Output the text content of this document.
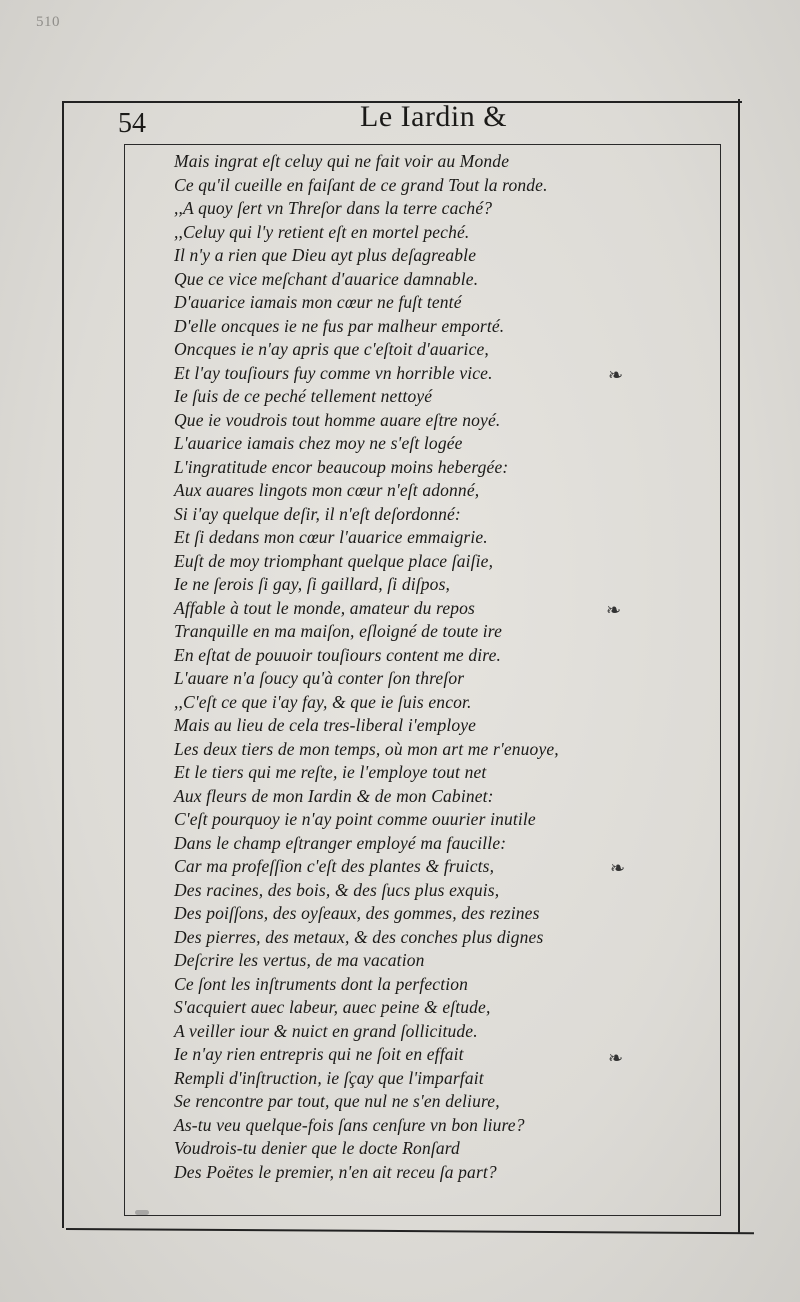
510
54	Le Iardin &
Mais ingrat eſt celuy qui ne fait voir au Monde
Ce qu'il cueille en faiſant de ce grand Tout la ronde.
,,A quoy ſert vn Threſor dans la terre caché?
,,Celuy qui l'y retient eſt en mortel peché.
Il n'y a rien que Dieu ayt plus deſagreable
Que ce vice meſchant d'auarice damnable.
D'auarice iamais mon cœur ne fuſt tenté
D'elle oncques ie ne fus par malheur emporté.
Oncques ie n'ay apris que c'eſtoit d'auarice,
Et l'ay touſiours fuy comme vn horrible vice.
Ie ſuis de ce peché tellement nettoyé
Que ie voudrois tout homme auare eſtre noyé.
L'auarice iamais chez moy ne s'eſt logée
L'ingratitude encor beaucoup moins hebergée:
Aux auares lingots mon cœur n'eſt adonné,
Si i'ay quelque deſir, il n'eſt deſordonné:
Et ſi dedans mon cœur l'auarice emmaigrie.
Euſt de moy triomphant quelque place ſaiſie,
Ie ne ſerois ſi gay, ſi gaillard, ſi diſpos,
Affable à tout le monde, amateur du repos
Tranquille en ma maiſon, eſloigné de toute ire
En eſtat de pouuoir touſiours content me dire.
L'auare n'a ſoucy qu'à conter ſon threſor
,,C'eſt ce que i'ay fay, & que ie ſuis encor.
Mais au lieu de cela tres-liberal i'employe
Les deux tiers de mon temps, où mon art me r'enuoye,
Et le tiers qui me reſte, ie l'employe tout net
Aux fleurs de mon Iardin & de mon Cabinet:
C'eſt pourquoy ie n'ay point comme ouurier inutile
Dans le champ eſtranger employé ma faucille:
Car ma profeſſion c'eſt des plantes & fruicts,
Des racines, des bois, & des ſucs plus exquis,
Des poiſſons, des oyſeaux, des gommes, des rezines
Des pierres, des metaux, & des conches plus dignes
Deſcrire les vertus, de ma vacation
Ce ſont les inſtruments dont la perfection
S'acquiert auec labeur, auec peine & eſtude,
A veiller iour & nuict en grand ſollicitude.
Ie n'ay rien entrepris qui ne ſoit en effait
Rempli d'inſtruction, ie ſçay que l'imparfait
Se rencontre par tout, que nul ne s'en deliure,
As-tu veu quelque-fois ſans cenſure vn bon liure?
Voudrois-tu denier que le docte Ronſard
Des Poëtes le premier, n'en ait receu ſa part?
❧
❧
❧
❧
